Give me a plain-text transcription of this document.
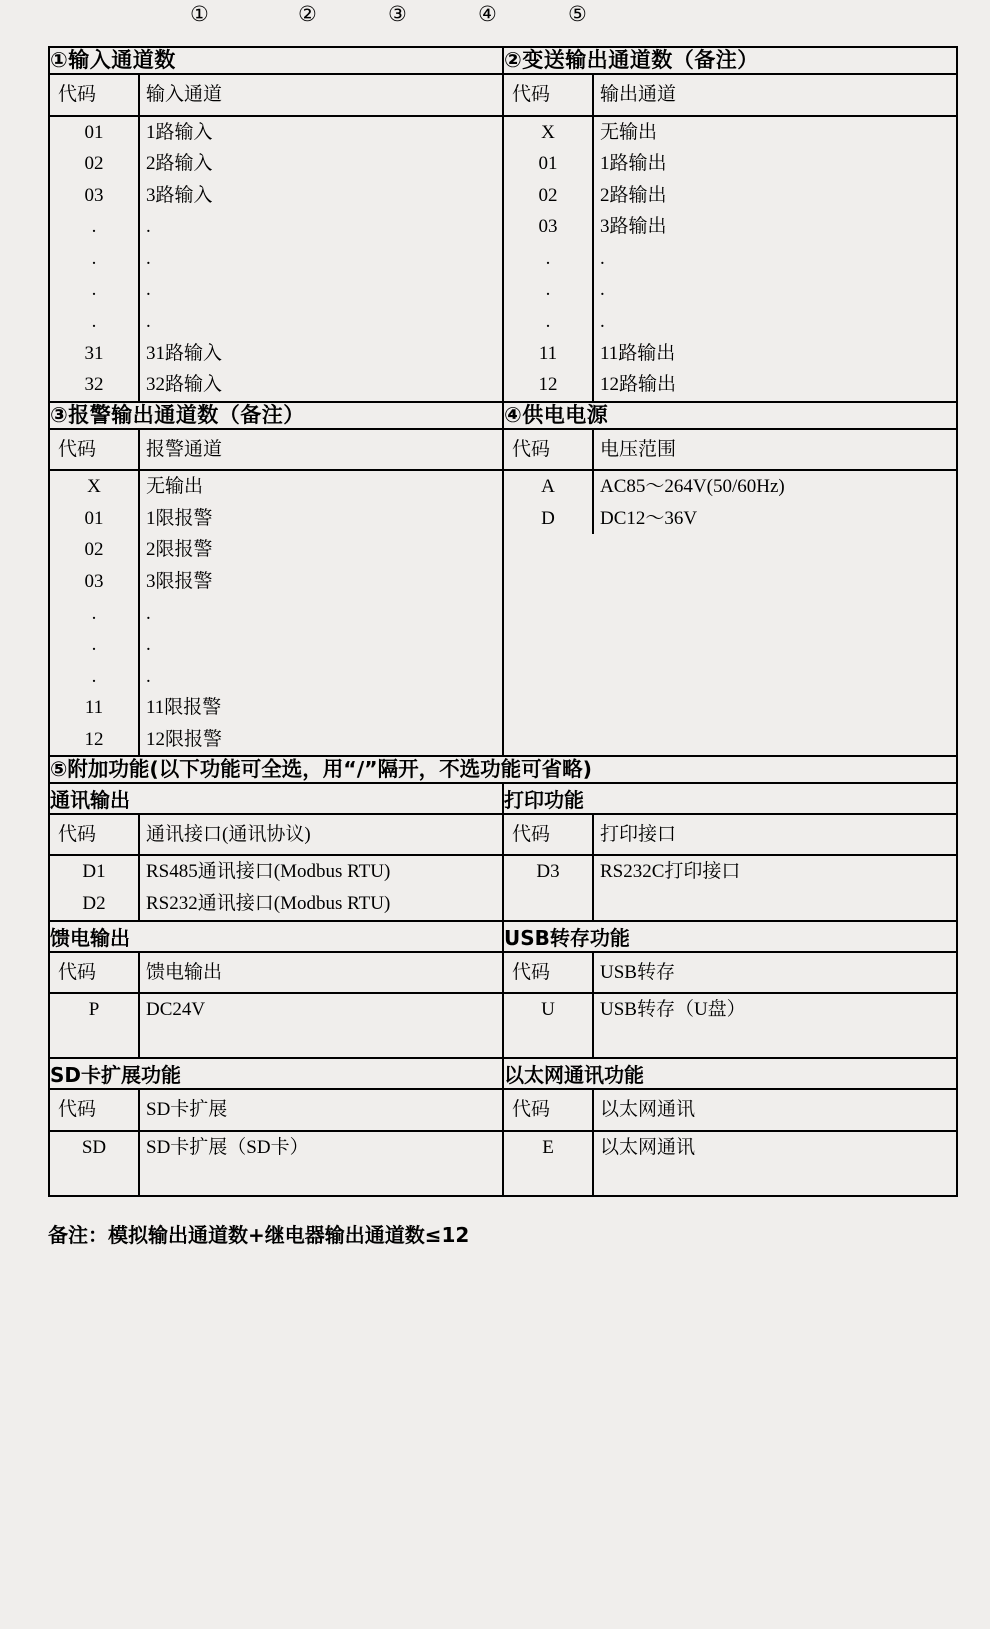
①	②	③	④	⑤
①输入通道数	②变送输出通道数（备注）

代码	输入通道
01	1路输入
02	2路输入
03	3路输入
.	.
.	.
.	.
.	.
31	31路输入
32	32路输入

代码	输出通道
X	无输出
01	1路输出
02	2路输出
03	3路输出
.	.
.	.
.	.
11	11路输出
12	12路输出

③报警输出通道数（备注）	④供电电源

代码	报警通道
X	无输出
01	1限报警
02	2限报警
03	3限报警
.	.
.	.
.	.
11	11限报警
12	12限报警

代码	电压范围
A	AC85～264V(50/60Hz)
D	DC12～36V

⑤附加功能(以下功能可全选，用“/”隔开，不选功能可省略)
通讯输出	打印功能

代码	通讯接口(通讯协议)
D1	RS485通讯接口(Modbus RTU)
D2	RS232通讯接口(Modbus RTU)

代码	打印接口
D3	RS232C打印接口

馈电输出	USB转存功能

代码	馈电输出
P	DC24V

代码	USB转存
U	USB转存（U盘）

SD卡扩展功能	以太网通讯功能

代码	SD卡扩展
SD	SD卡扩展（SD卡）

代码	以太网通讯
E	以太网通讯

备注：模拟输出通道数+继电器输出通道数≤12
